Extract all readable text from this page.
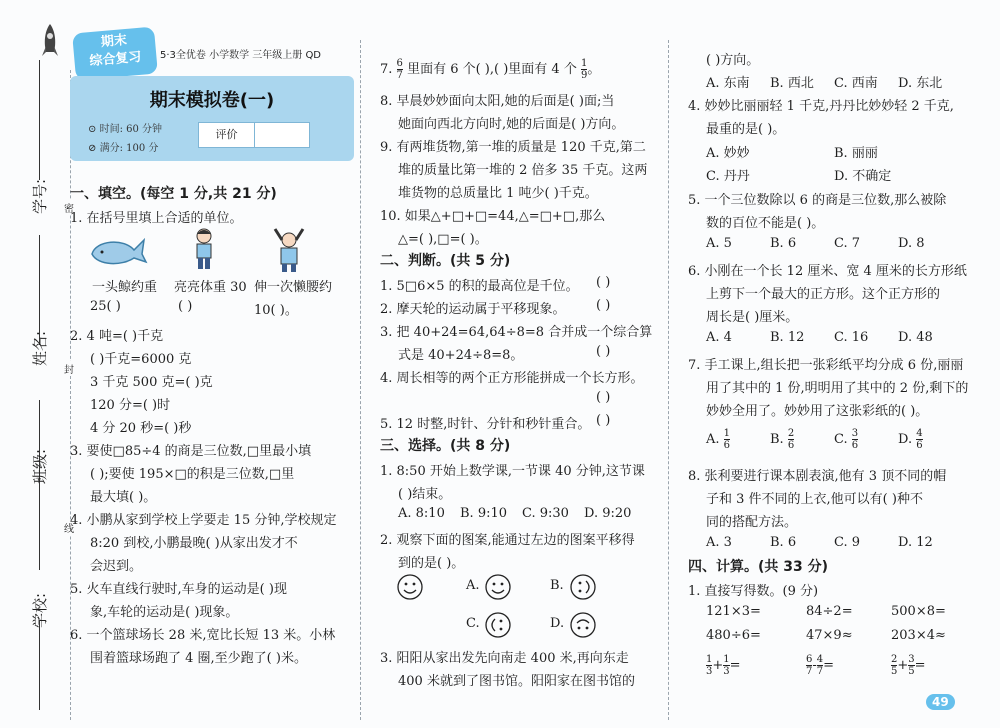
学号:
姓名:
班级:
学校:
密
封
线
期末
综合复习	5·3全优卷 小学数学 三年级上册 QD
期末模拟卷(一)
⊙ 时间: 60 分钟
⊘ 满分: 100 分
评价
一、填空。(每空 1 分,共 21 分)
1. 在括号里填上合适的单位。
一头鲸约重 亮亮体重 30 伸一次懒腰约
25( )	( )	10( )。
2. 4 吨=( )千克
( )千克=6000 克
3 千克 500 克=( )克
120 分=( )时
4 分 20 秒=( )秒
3. 要使□85÷4 的商是三位数,□里最小填
( );要使 195×□的积是三位数,□里
最大填( )。
4. 小鹏从家到学校上学要走 15 分钟,学校规定
8:20 到校,小鹏最晚( )从家出发才不
会迟到。
5. 火车直线行驶时,车身的运动是( )现
象,车轮的运动是( )现象。
6. 一个篮球场长 28 米,宽比长短 13 米。小林
围着篮球场跑了 4 圈,至少跑了( )米。
7. $\frac{6}{7}$ 里面有 6 个( ),( )里面有 4 个 $\frac{1}{9}$ 。
8. 早晨妙妙面向太阳,她的后面是( )面;当
她面向西北方向时,她的后面是( )方向。
9. 有两堆货物,第一堆的质量是 120 千克,第二
堆的质量比第一堆的 2 倍多 35 千克。这两
堆货物的总质量比 1 吨少( )千克。
10. 如果△+□+□=44,△=□+□,那么
△=( ),□=( )。
二、判断。(共 5 分)
1. 5□6×5 的积的最高位是千位。 ( )
2. 摩天轮的运动属于平移现象。 ( )
3. 把 40+24=64,64÷8=8 合并成一个综合算
式是 40+24÷8=8。	( )
4. 周长相等的两个正方形能拼成一个长方形。
( )
5. 12 时整,时针、分针和秒针重合。 ( )
三、选择。(共 8 分)
1. 8:50 开始上数学课,一节课 40 分钟,这节课
( )结束。
A. 8:10 B. 9:10 C. 9:30 D. 9:20
2. 观察下面的图案,能通过左边的图案平移得
到的是( )。
A.	B.
C.	D.
3. 阳阳从家出发先向南走 400 米,再向东走
400 米就到了图书馆。阳阳家在图书馆的
( )方向。
A. 东南 B. 西北 C. 西南 D. 东北
4. 妙妙比丽丽轻 1 千克,丹丹比妙妙轻 2 千克,
最重的是( )。
A. 妙妙	B. 丽丽
C. 丹丹	D. 不确定
5. 一个三位数除以 6 的商是三位数,那么被除
数的百位不能是( )。
A. 5	B. 6	C. 7	D. 8
6. 小刚在一个长 12 厘米、宽 4 厘米的长方形纸
上剪下一个最大的正方形。这个正方形的
周长是( )厘米。
A. 4	B. 12 C. 16 D. 48
7. 手工课上,组长把一张彩纸平均分成 6 份,丽丽
用了其中的 1 份,明明用了其中的 2 份,剩下的
妙妙全用了。妙妙用了这张彩纸的( )。
A. $\frac{1}{6}$	B. $\frac{2}{6}$	C. $\frac{3}{6}$	D. $\frac{4}{6}$
8. 张利要进行课本剧表演,他有 3 顶不同的帽
子和 3 件不同的上衣,他可以有( )种不
同的搭配方法。
A. 3	B. 6	C. 9	D. 12
四、计算。(共 33 分)
1. 直接写得数。(9 分)
121×3=	84÷2=	500×8=
480÷6=	47×9≈	203×4≈
$\frac{1}{3} + \frac{1}{3}$ =	$\frac{6}{7} - \frac{4}{7}$ =	$\frac{2}{5} + \frac{3}{5}$ =
49
